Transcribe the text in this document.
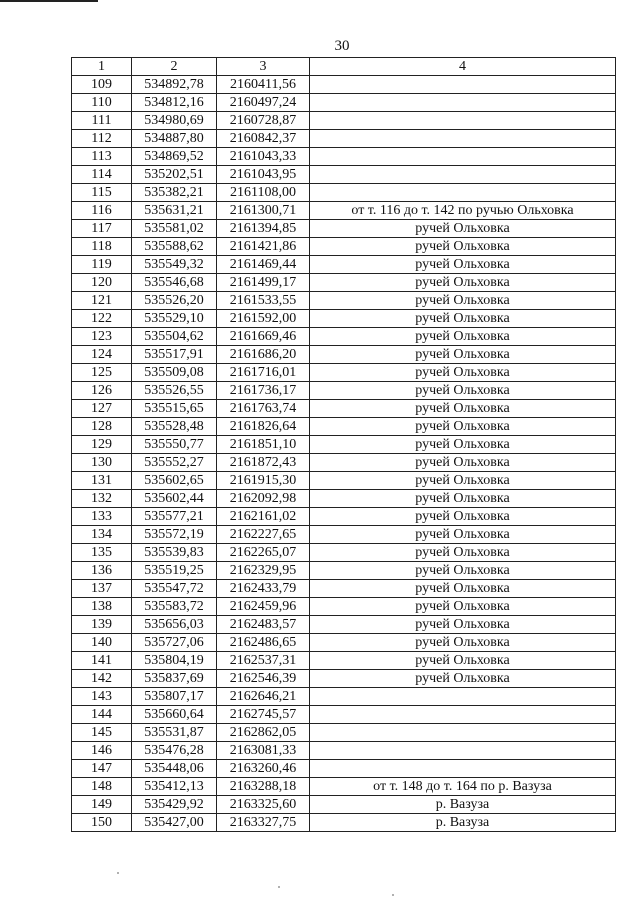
30
1	2	3	4
109	534892,78	2160411,56	
110	534812,16	2160497,24	
111	534980,69	2160728,87	
112	534887,80	2160842,37	
113	534869,52	2161043,33	
114	535202,51	2161043,95	
115	535382,21	2161108,00	
116	535631,21	2161300,71	от т. 116 до т. 142 по ручью Ольховка
117	535581,02	2161394,85	ручей Ольховка
118	535588,62	2161421,86	ручей Ольховка
119	535549,32	2161469,44	ручей Ольховка
120	535546,68	2161499,17	ручей Ольховка
121	535526,20	2161533,55	ручей Ольховка
122	535529,10	2161592,00	ручей Ольховка
123	535504,62	2161669,46	ручей Ольховка
124	535517,91	2161686,20	ручей Ольховка
125	535509,08	2161716,01	ручей Ольховка
126	535526,55	2161736,17	ручей Ольховка
127	535515,65	2161763,74	ручей Ольховка
128	535528,48	2161826,64	ручей Ольховка
129	535550,77	2161851,10	ручей Ольховка
130	535552,27	2161872,43	ручей Ольховка
131	535602,65	2161915,30	ручей Ольховка
132	535602,44	2162092,98	ручей Ольховка
133	535577,21	2162161,02	ручей Ольховка
134	535572,19	2162227,65	ручей Ольховка
135	535539,83	2162265,07	ручей Ольховка
136	535519,25	2162329,95	ручей Ольховка
137	535547,72	2162433,79	ручей Ольховка
138	535583,72	2162459,96	ручей Ольховка
139	535656,03	2162483,57	ручей Ольховка
140	535727,06	2162486,65	ручей Ольховка
141	535804,19	2162537,31	ручей Ольховка
142	535837,69	2162546,39	ручей Ольховка
143	535807,17	2162646,21	
144	535660,64	2162745,57	
145	535531,87	2162862,05	
146	535476,28	2163081,33	
147	535448,06	2163260,46	
148	535412,13	2163288,18	от т. 148 до т. 164 по р. Вазуза
149	535429,92	2163325,60	р. Вазуза
150	535427,00	2163327,75	р. Вазуза
